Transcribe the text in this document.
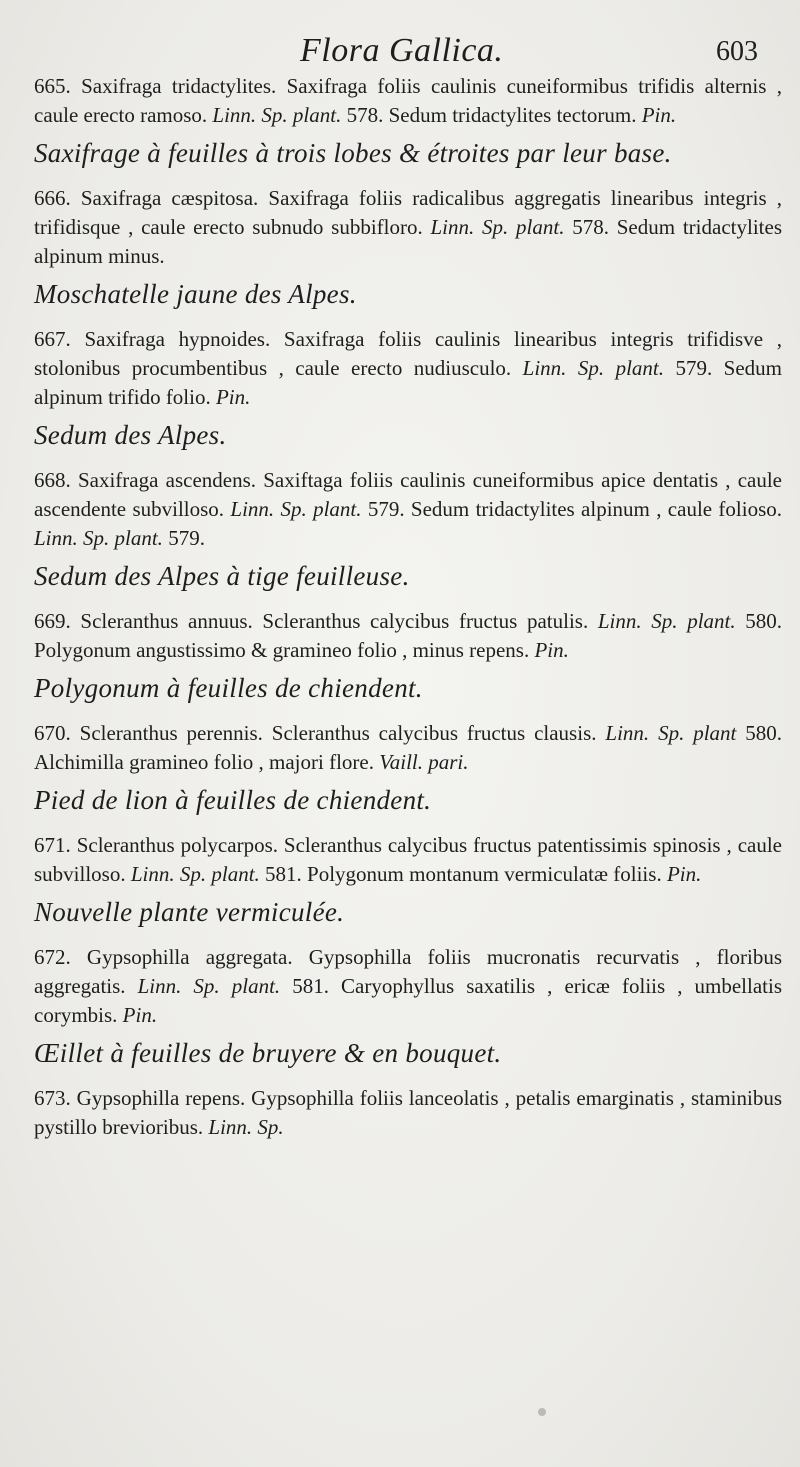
Flora Gallica.	603
665. Saxifraga tridactylites. Saxifraga foliis caulinis cuneiformibus trifidis alternis , caule erecto ramoso. Linn. Sp. plant. 578. Sedum tridactylites tectorum. Pin.
Saxifrage à feuilles à trois lobes & étroites par leur base.
666. Saxifraga cæspitosa. Saxifraga foliis radicalibus aggregatis linearibus integris , trifidisque , caule erecto subnudo subbifloro. Linn. Sp. plant. 578. Sedum tridactylites alpinum minus.
Moschatelle jaune des Alpes.
667. Saxifraga hypnoides. Saxifraga foliis caulinis linearibus integris trifidisve , stolonibus procumbentibus , caule erecto nudiusculo. Linn. Sp. plant. 579. Sedum alpinum trifido folio. Pin.
Sedum des Alpes.
668. Saxifraga ascendens. Saxiftaga foliis caulinis cuneiformibus apice dentatis , caule ascendente subvilloso. Linn. Sp. plant. 579. Sedum tridactylites alpinum , caule folioso. Linn. Sp. plant. 579.
Sedum des Alpes à tige feuilleuse.
669. Scleranthus annuus. Scleranthus calycibus fructus patulis. Linn. Sp. plant. 580. Polygonum angustissimo & gramineo folio , minus repens. Pin.
Polygonum à feuilles de chiendent.
670. Scleranthus perennis. Scleranthus calycibus fructus clausis. Linn. Sp. plant 580. Alchimilla gramineo folio , majori flore. Vaill. pari.
Pied de lion à feuilles de chiendent.
671. Scleranthus polycarpos. Scleranthus calycibus fructus patentissimis spinosis , caule subvilloso. Linn. Sp. plant. 581. Polygonum montanum vermiculatæ foliis. Pin.
Nouvelle plante vermiculée.
672. Gypsophilla aggregata. Gypsophilla foliis mucronatis recurvatis , floribus aggregatis. Linn. Sp. plant. 581. Caryophyllus saxatilis , ericæ foliis , umbellatis corymbis. Pin.
Œillet à feuilles de bruyere & en bouquet.
673. Gypsophilla repens. Gypsophilla foliis lanceolatis , petalis emarginatis , staminibus pystillo brevioribus. Linn. Sp.
